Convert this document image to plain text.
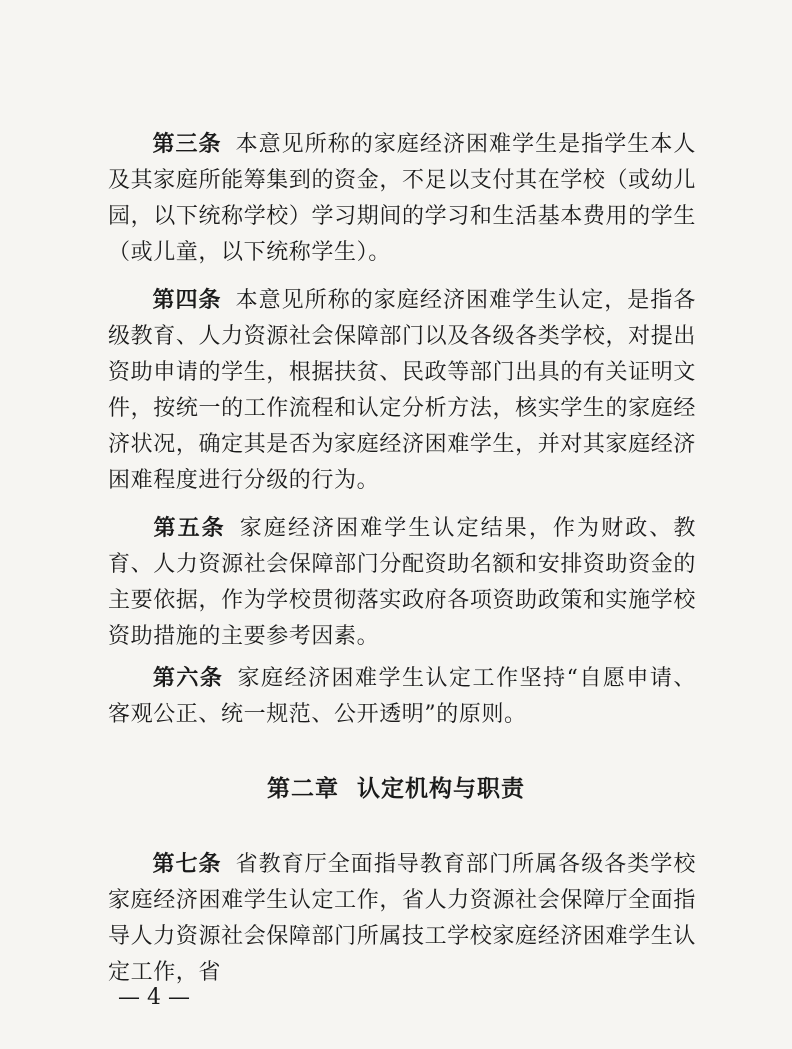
第三条 本意见所称的家庭经济困难学生是指学生本人及其家庭所能筹集到的资金，不足以支付其在学校（或幼儿园，以下统称学校）学习期间的学习和生活基本费用的学生（或儿童，以下统称学生）。

第四条 本意见所称的家庭经济困难学生认定，是指各级教育、人力资源社会保障部门以及各级各类学校，对提出资助申请的学生，根据扶贫、民政等部门出具的有关证明文件，按统一的工作流程和认定分析方法，核实学生的家庭经济状况，确定其是否为家庭经济困难学生，并对其家庭经济困难程度进行分级的行为。

第五条 家庭经济困难学生认定结果，作为财政、教育、人力资源社会保障部门分配资助名额和安排资助资金的主要依据，作为学校贯彻落实政府各项资助政策和实施学校资助措施的主要参考因素。

第六条 家庭经济困难学生认定工作坚持“自愿申请、客观公正、统一规范、公开透明”的原则。

第二章 认定机构与职责

第七条 省教育厅全面指导教育部门所属各级各类学校家庭经济困难学生认定工作，省人力资源社会保障厅全面指导人力资源社会保障部门所属技工学校家庭经济困难学生认定工作，省

— 4 —
